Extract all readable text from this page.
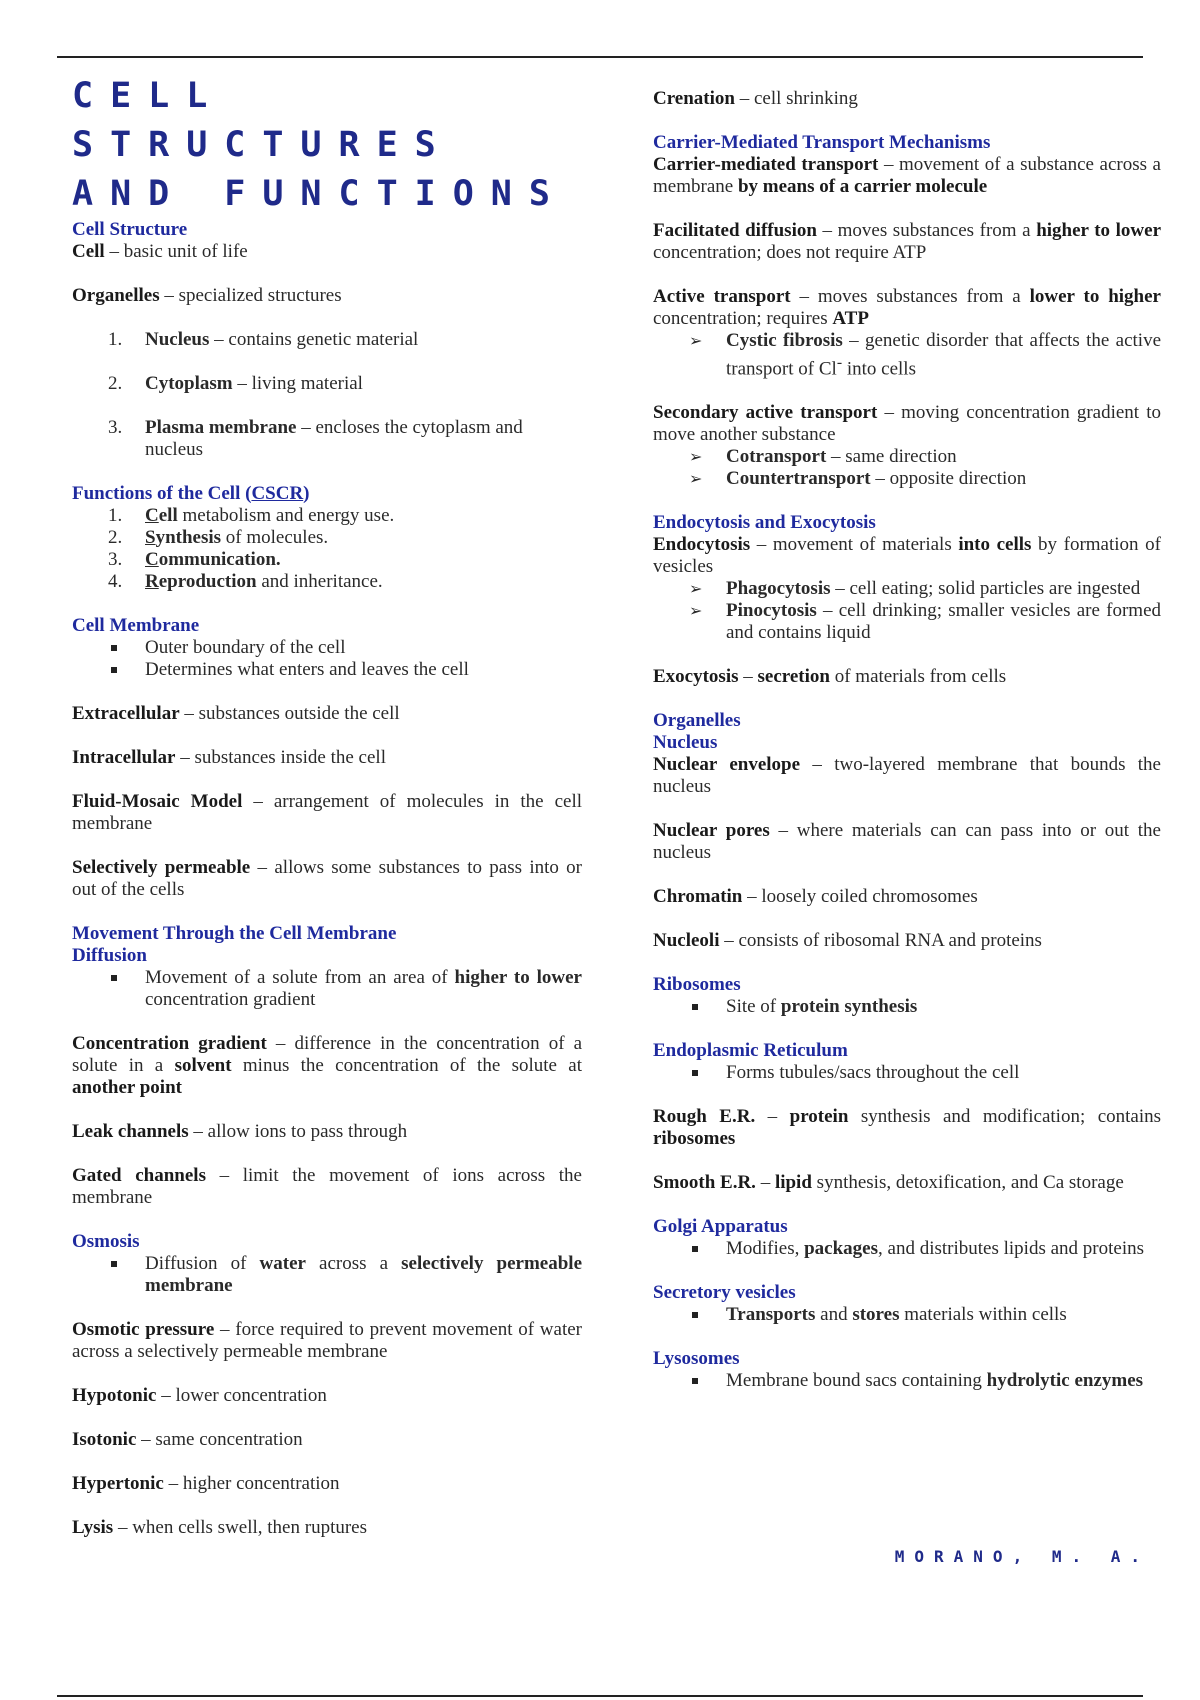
CELL STRUCTURES
AND FUNCTIONS

Cell Structure

Cell – basic unit of life

Organelles – specialized structures

1. Nucleus – contains genetic material
2. Cytoplasm – living material
3. Plasma membrane – encloses the cytoplasm and nucleus

Functions of the Cell (CSCR)

1. Cell metabolism and energy use.
2. Synthesis of molecules.
3. Communication.
4. Reproduction and inheritance.

Cell Membrane

Outer boundary of the cell
Determines what enters and leaves the cell

Extracellular – substances outside the cell

Intracellular – substances inside the cell

Fluid-Mosaic Model – arrangement of molecules in the cell membrane

Selectively permeable – allows some substances to pass into or out of the cells

Movement Through the Cell Membrane

Diffusion

Movement of a solute from an area of higher to lower concentration gradient

Concentration gradient – difference in the concentration of a solute in a solvent minus the concentration of the solute at another point

Leak channels – allow ions to pass through

Gated channels – limit the movement of ions across the membrane

Osmosis

Diffusion of water across a selectively permeable membrane

Osmotic pressure – force required to prevent movement of water across a selectively permeable membrane

Hypotonic – lower concentration

Isotonic – same concentration

Hypertonic – higher concentration

Lysis – when cells swell, then ruptures

Crenation – cell shrinking

Carrier-Mediated Transport Mechanisms

Carrier-mediated transport – movement of a substance across a membrane by means of a carrier molecule

Facilitated diffusion – moves substances from a higher to lower concentration; does not require ATP

Active transport – moves substances from a lower to higher concentration; requires ATP

➢ Cystic fibrosis – genetic disorder that affects the active transport of Cl- into cells

Secondary active transport – moving concentration gradient to move another substance

➢ Cotransport – same direction
➢ Countertransport – opposite direction

Endocytosis and Exocytosis

Endocytosis – movement of materials into cells by formation of vesicles

➢ Phagocytosis – cell eating; solid particles are ingested
➢ Pinocytosis – cell drinking; smaller vesicles are formed and contains liquid

Exocytosis – secretion of materials from cells

Organelles

Nucleus

Nuclear envelope – two-layered membrane that bounds the nucleus

Nuclear pores – where materials can can pass into or out the nucleus

Chromatin – loosely coiled chromosomes

Nucleoli – consists of ribosomal RNA and proteins

Ribosomes

Site of protein synthesis

Endoplasmic Reticulum

Forms tubules/sacs throughout the cell

Rough E.R. – protein synthesis and modification; contains ribosomes

Smooth E.R. – lipid synthesis, detoxification, and Ca storage

Golgi Apparatus

Modifies, packages, and distributes lipids and proteins

Secretory vesicles

Transports and stores materials within cells

Lysosomes

Membrane bound sacs containing hydrolytic enzymes
MORANO, M. A.
